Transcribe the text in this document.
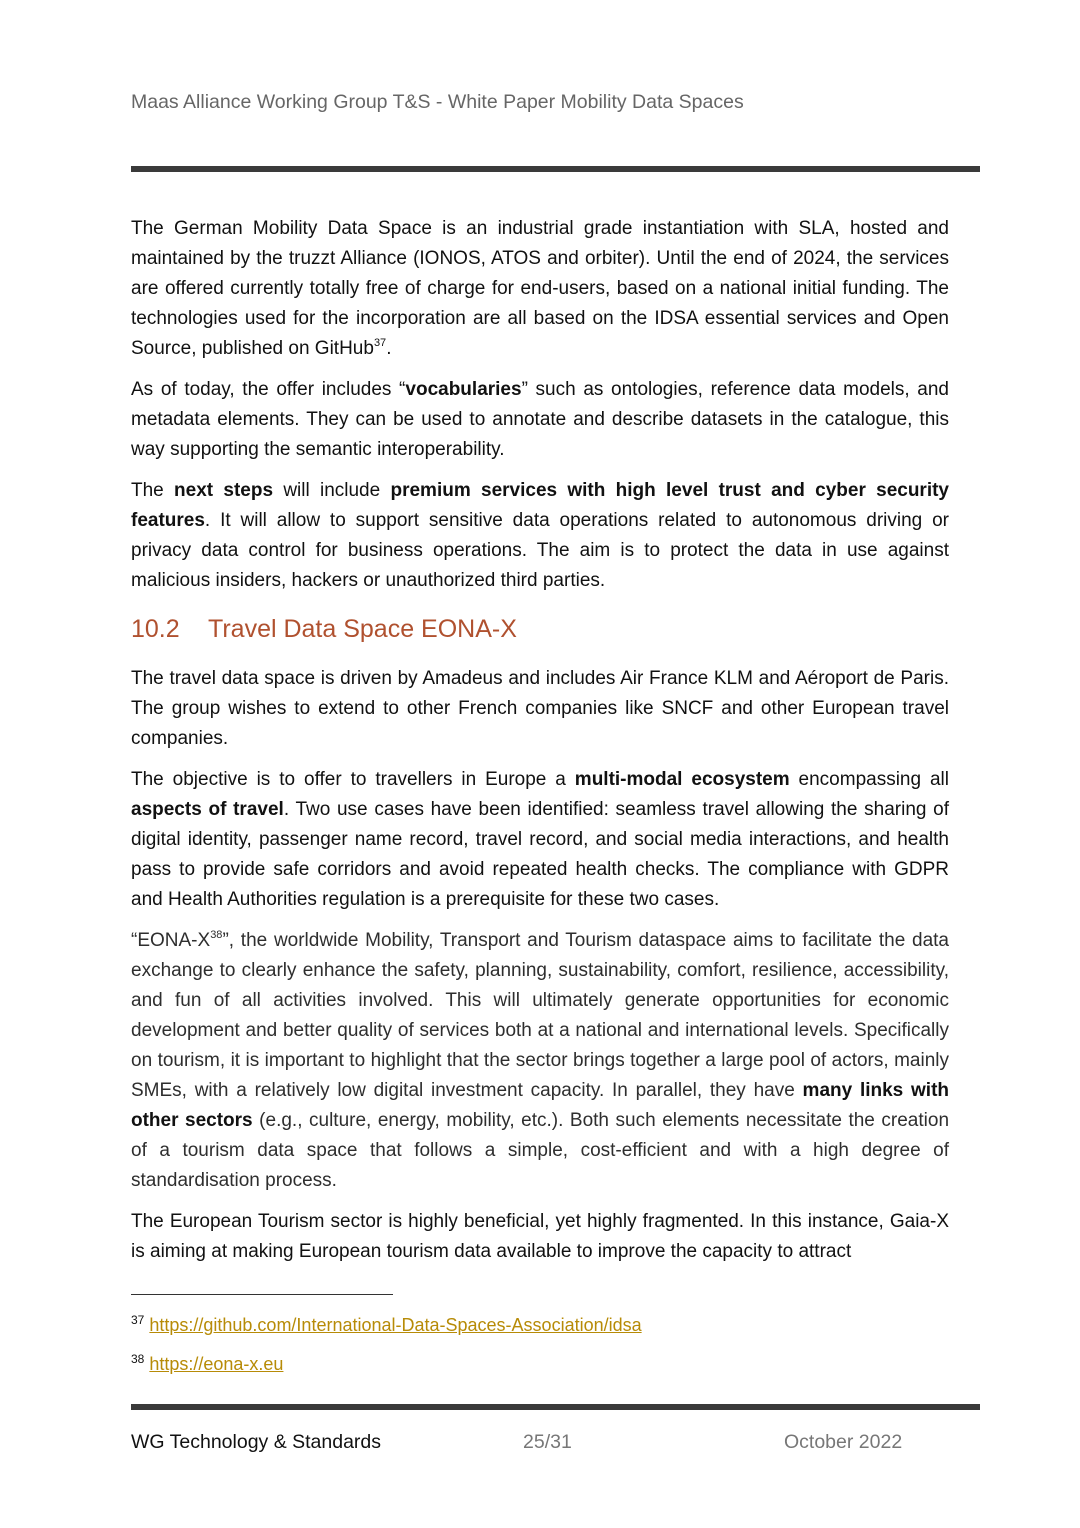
Maas Alliance Working Group T&S - White Paper Mobility Data Spaces

The German Mobility Data Space is an industrial grade instantiation with SLA, hosted and maintained by the truzzt Alliance (IONOS, ATOS and orbiter). Until the end of 2024, the services are offered currently totally free of charge for end-users, based on a national initial funding. The technologies used for the incorporation are all based on the IDSA essential services and Open Source, published on GitHub$^{37}$.

As of today, the offer includes “vocabularies” such as ontologies, reference data models, and metadata elements. They can be used to annotate and describe datasets in the catalogue, this way supporting the semantic interoperability.

The next steps will include premium services with high level trust and cyber security features. It will allow to support sensitive data operations related to autonomous driving or privacy data control for business operations. The aim is to protect the data in use against malicious insiders, hackers or unauthorized third parties.

10.2 Travel Data Space EONA-X

The travel data space is driven by Amadeus and includes Air France KLM and Aéroport de Paris. The group wishes to extend to other French companies like SNCF and other European travel companies.

The objective is to offer to travellers in Europe a multi-modal ecosystem encompassing all aspects of travel. Two use cases have been identified: seamless travel allowing the sharing of digital identity, passenger name record, travel record, and social media interactions, and health pass to provide safe corridors and avoid repeated health checks. The compliance with GDPR and Health Authorities regulation is a prerequisite for these two cases.

“$EONA-X^{38}$”, the worldwide Mobility, Transport and Tourism dataspace aims to facilitate the data exchange to clearly enhance the safety, planning, sustainability, comfort, resilience, accessibility, and fun of all activities involved. This will ultimately generate opportunities for economic development and better quality of services both at a national and international levels. Specifically on tourism, it is important to highlight that the sector brings together a large pool of actors, mainly SMEs, with a relatively low digital investment capacity. In parallel, they have many links with other sectors (e.g., culture, energy, mobility, etc.). Both such elements necessitate the creation of a tourism data space that follows a simple, cost-efficient and with a high degree of standardisation process.

The European Tourism sector is highly beneficial, yet highly fragmented. In this instance, Gaia-X is aiming at making European tourism data available to improve the capacity to attract

$^{37}$ https://github.com/International-Data-Spaces-Association/idsa
$^{38}$ https://eona-x.eu
WG Technology & Standards	25/31	October 2022
